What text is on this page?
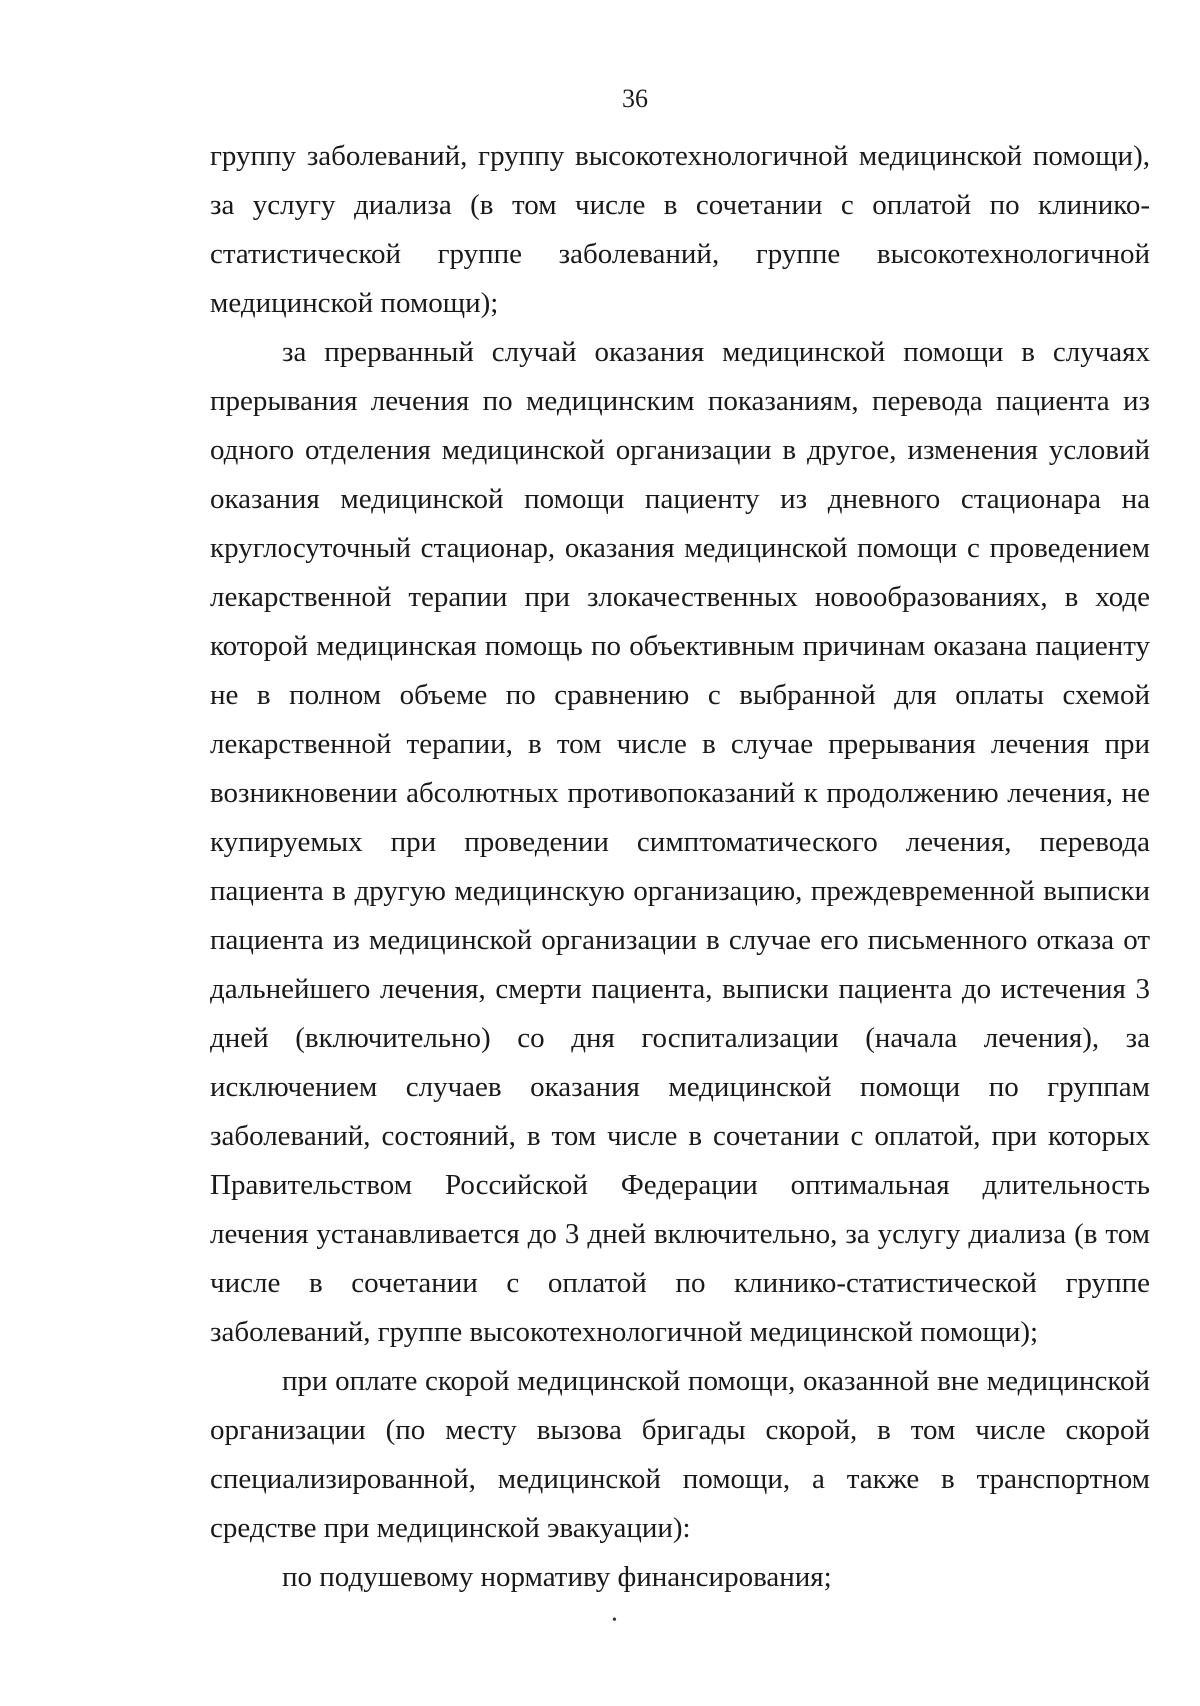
36

группу заболеваний, группу высокотехнологичной медицинской помощи), за услугу диализа (в том числе в сочетании с оплатой по клинико-статистической группе заболеваний, группе высокотехнологичной медицинской помощи);

за прерванный случай оказания медицинской помощи в случаях прерывания лечения по медицинским показаниям, перевода пациента из одного отделения медицинской организации в другое, изменения условий оказания медицинской помощи пациенту из дневного стационара на круглосуточный стационар, оказания медицинской помощи с проведением лекарственной терапии при злокачественных новообразованиях, в ходе которой медицинская помощь по объективным причинам оказана пациенту не в полном объеме по сравнению с выбранной для оплаты схемой лекарственной терапии, в том числе в случае прерывания лечения при возникновении абсолютных противопоказаний к продолжению лечения, не купируемых при проведении симптоматического лечения, перевода пациента в другую медицинскую организацию, преждевременной выписки пациента из медицинской организации в случае его письменного отказа от дальнейшего лечения, смерти пациента, выписки пациента до истечения 3 дней (включительно) со дня госпитализации (начала лечения), за исключением случаев оказания медицинской помощи по группам заболеваний, состояний, в том числе в сочетании с оплатой, при которых Правительством Российской Федерации оптимальная длительность лечения устанавливается до 3 дней включительно, за услугу диализа (в том числе в сочетании с оплатой по клинико-статистической группе заболеваний, группе высокотехнологичной медицинской помощи);

при оплате скорой медицинской помощи, оказанной вне медицинской организации (по месту вызова бригады скорой, в том числе скорой специализированной, медицинской помощи, а также в транспортном средстве при медицинской эвакуации):

по подушевому нормативу финансирования;

•
